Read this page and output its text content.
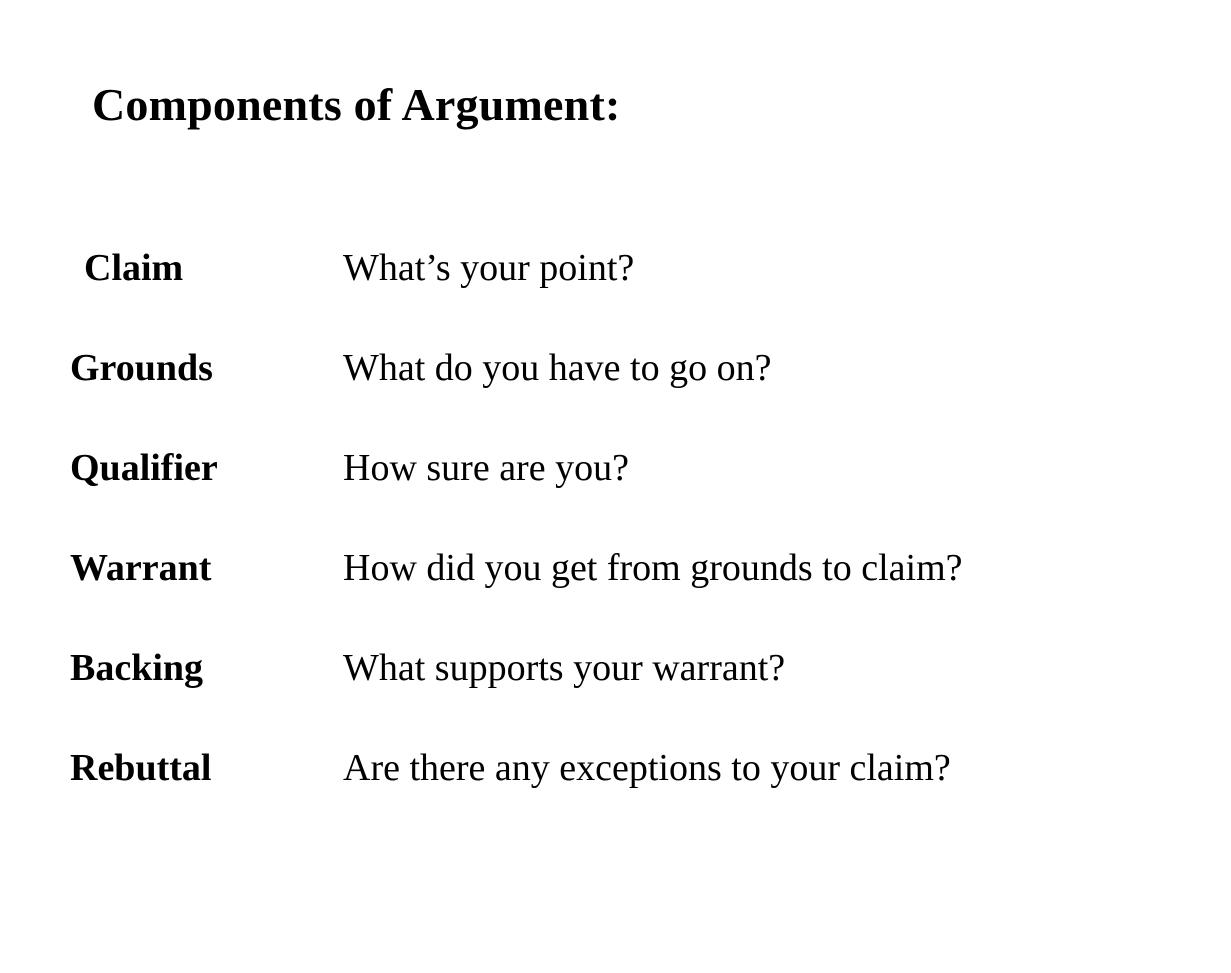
Components of Argument:
Claim	What’s your point?
Grounds	What do you have to go on?
Qualifier	How sure are you?
Warrant	How did you get from grounds to claim?
Backing	What supports your warrant?
Rebuttal	Are there any exceptions to your claim?
